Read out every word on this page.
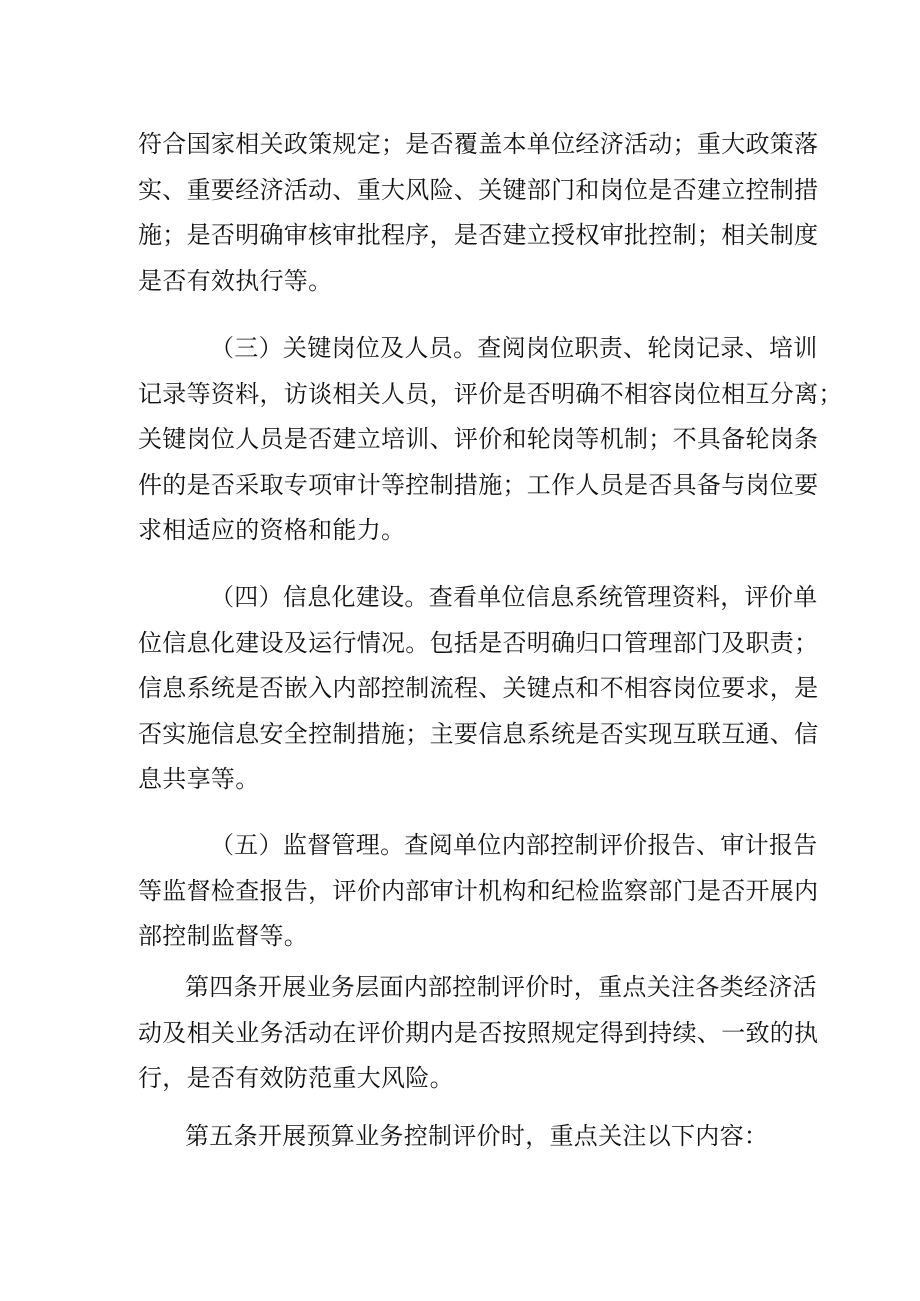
符合国家相关政策规定；是否覆盖本单位经济活动；重大政策落
实、重要经济活动、重大风险、关键部门和岗位是否建立控制措
施；是否明确审核审批程序，是否建立授权审批控制；相关制度
是否有效执行等。
（三）关键岗位及人员。查阅岗位职责、轮岗记录、培训
记录等资料，访谈相关人员，评价是否明确不相容岗位相互分离；
关键岗位人员是否建立培训、评价和轮岗等机制；不具备轮岗条
件的是否采取专项审计等控制措施；工作人员是否具备与岗位要
求相适应的资格和能力。
（四）信息化建设。查看单位信息系统管理资料，评价单
位信息化建设及运行情况。包括是否明确归口管理部门及职责；
信息系统是否嵌入内部控制流程、关键点和不相容岗位要求，是
否实施信息安全控制措施；主要信息系统是否实现互联互通、信
息共享等。
（五）监督管理。查阅单位内部控制评价报告、审计报告
等监督检查报告，评价内部审计机构和纪检监察部门是否开展内
部控制监督等。
第四条开展业务层面内部控制评价时，重点关注各类经济活
动及相关业务活动在评价期内是否按照规定得到持续、一致的执
行，是否有效防范重大风险。
第五条开展预算业务控制评价时，重点关注以下内容：
